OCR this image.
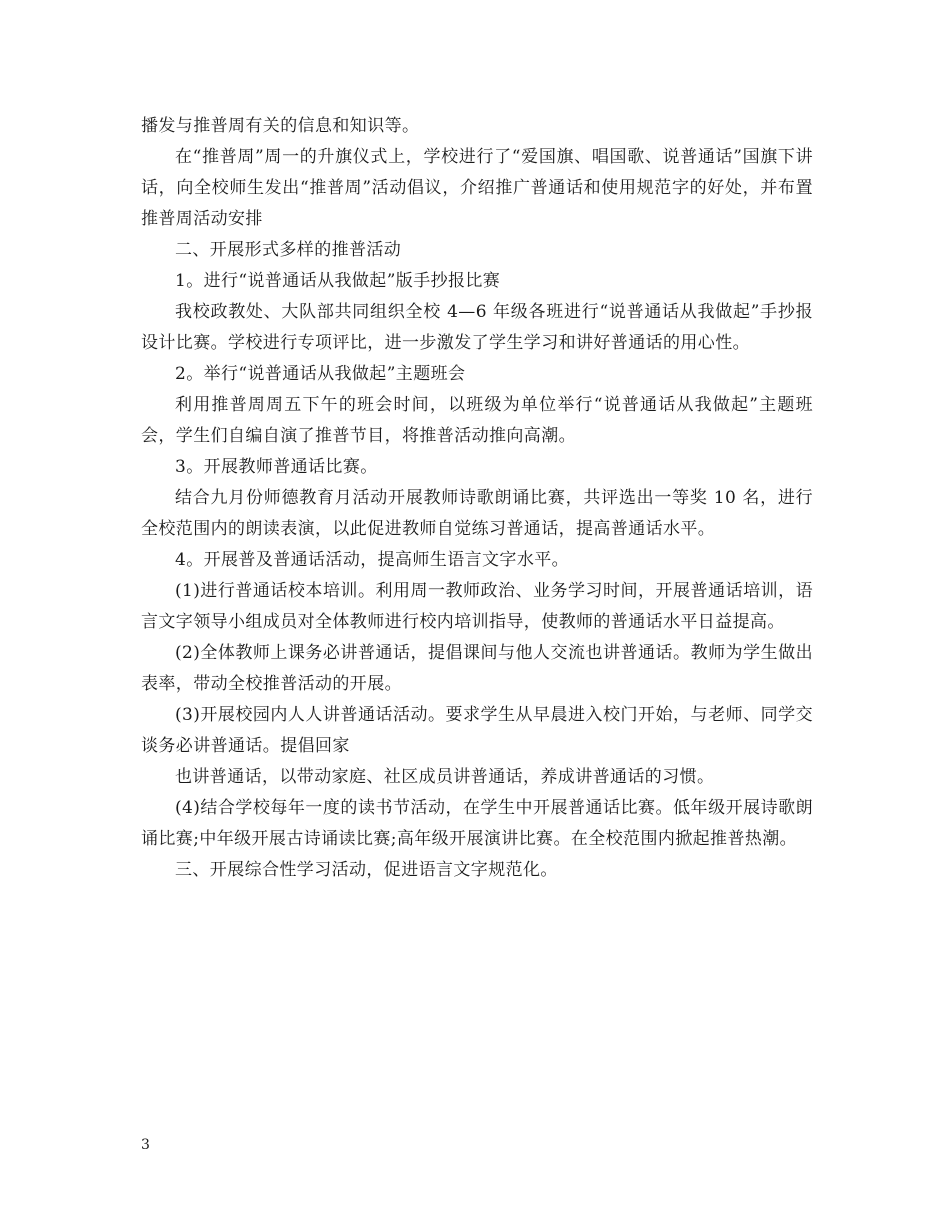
播发与推普周有关的信息和知识等。

在“推普周”周一的升旗仪式上，学校进行了“爱国旗、唱国歌、说普通话”国旗下讲话，向全校师生发出“推普周”活动倡议，介绍推广普通话和使用规范字的好处，并布置推普周活动安排

二、开展形式多样的推普活动

1。进行“说普通话从我做起”版手抄报比赛

我校政教处、大队部共同组织全校 4—6 年级各班进行“说普通话从我做起”手抄报设计比赛。学校进行专项评比，进一步激发了学生学习和讲好普通话的用心性。

2。举行“说普通话从我做起”主题班会

利用推普周周五下午的班会时间，以班级为单位举行“说普通话从我做起”主题班会，学生们自编自演了推普节目，将推普活动推向高潮。

3。开展教师普通话比赛。

结合九月份师德教育月活动开展教师诗歌朗诵比赛，共评选出一等奖 10 名，进行全校范围内的朗读表演，以此促进教师自觉练习普通话，提高普通话水平。

4。开展普及普通话活动，提高师生语言文字水平。

(1)进行普通话校本培训。利用周一教师政治、业务学习时间，开展普通话培训，语言文字领导小组成员对全体教师进行校内培训指导，使教师的普通话水平日益提高。

(2)全体教师上课务必讲普通话，提倡课间与他人交流也讲普通话。教师为学生做出表率，带动全校推普活动的开展。

(3)开展校园内人人讲普通话活动。要求学生从早晨进入校门开始，与老师、同学交谈务必讲普通话。提倡回家

也讲普通话，以带动家庭、社区成员讲普通话，养成讲普通话的习惯。

(4)结合学校每年一度的读书节活动，在学生中开展普通话比赛。低年级开展诗歌朗诵比赛;中年级开展古诗诵读比赛;高年级开展演讲比赛。在全校范围内掀起推普热潮。

三、开展综合性学习活动，促进语言文字规范化。

3
